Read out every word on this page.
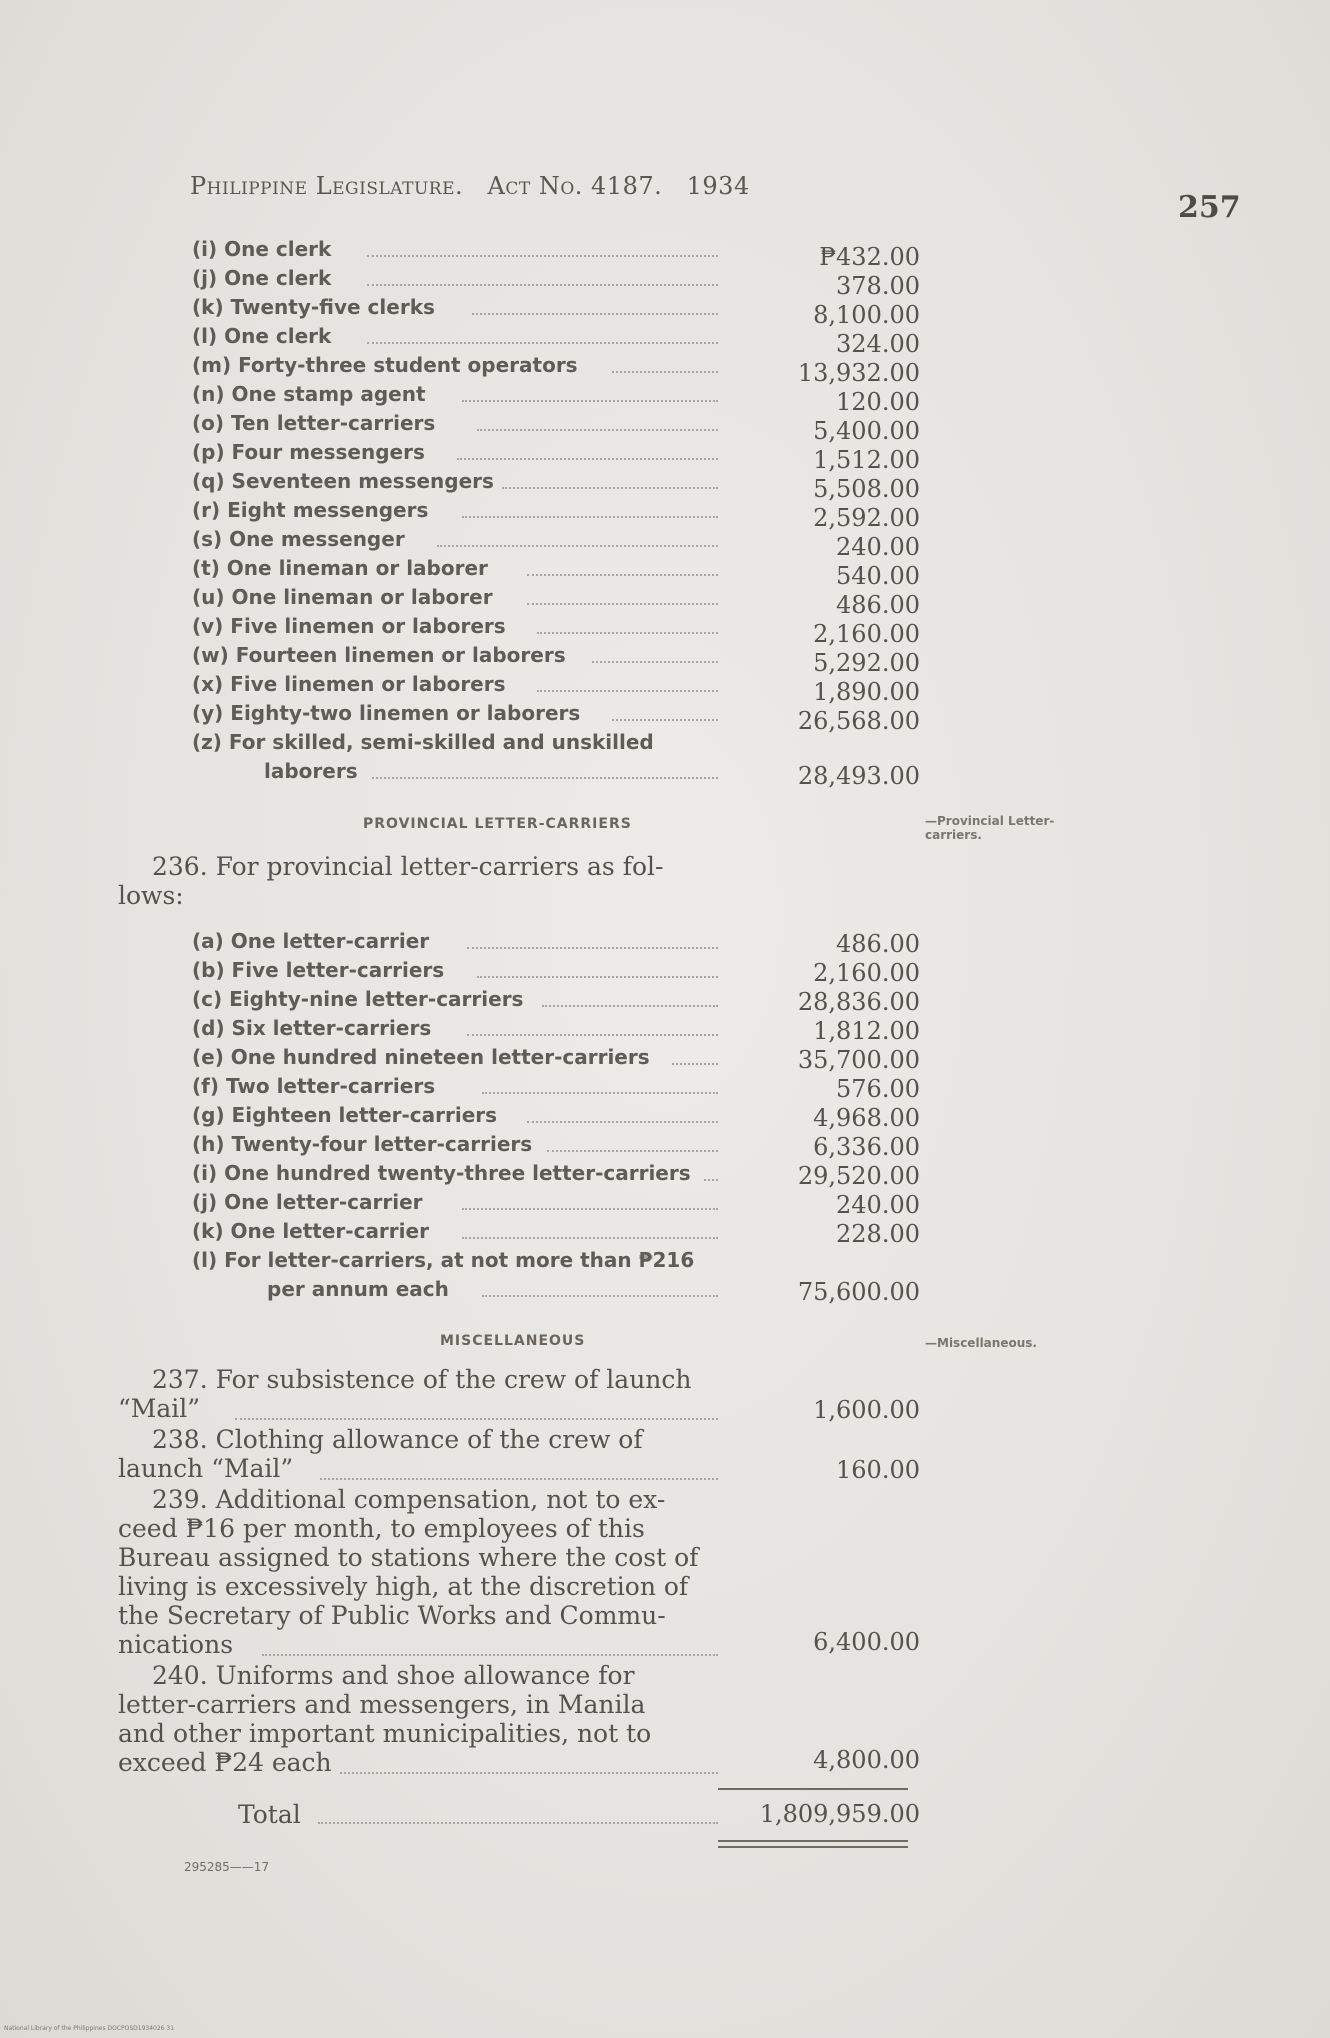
Philippine Legislature. Act No. 4187. 1934
257
(i) One clerk	₱432.00
(j) One clerk	378.00
(k) Twenty-five clerks	8,100.00
(l) One clerk	324.00
(m) Forty-three student operators	13,932.00
(n) One stamp agent	120.00
(o) Ten letter-carriers	5,400.00
(p) Four messengers	1,512.00
(q) Seventeen messengers	5,508.00
(r) Eight messengers	2,592.00
(s) One messenger	240.00
(t) One lineman or laborer	540.00
(u) One lineman or laborer	486.00
(v) Five linemen or laborers	2,160.00
(w) Fourteen linemen or laborers	5,292.00
(x) Five linemen or laborers	1,890.00
(y) Eighty-two linemen or laborers	26,568.00
(z) For skilled, semi-skilled and unskilled
laborers	28,493.00
PROVINCIAL LETTER-CARRIERS	—Provincial Letter-
carriers.
236. For provincial letter-carriers as fol-
lows:
(a) One letter-carrier	486.00
(b) Five letter-carriers	2,160.00
(c) Eighty-nine letter-carriers	28,836.00
(d) Six letter-carriers	1,812.00
(e) One hundred nineteen letter-carriers	35,700.00
(f) Two letter-carriers	576.00
(g) Eighteen letter-carriers	4,968.00
(h) Twenty-four letter-carriers	6,336.00
(i) One hundred twenty-three letter-carriers	29,520.00
(j) One letter-carrier	240.00
(k) One letter-carrier	228.00
(l) For letter-carriers, at not more than ₱216
per annum each	75,600.00
MISCELLANEOUS	—Miscellaneous.
237. For subsistence of the crew of launch
“Mail”	1,600.00
238. Clothing allowance of the crew of
launch “Mail”	160.00
239. Additional compensation, not to ex-
ceed ₱16 per month, to employees of this
Bureau assigned to stations where the cost of
living is excessively high, at the discretion of
the Secretary of Public Works and Commu-
nications	6,400.00
240. Uniforms and shoe allowance for
letter-carriers and messengers, in Manila
and other important municipalities, not to
exceed ₱24 each	4,800.00
Total	1,809,959.00
295285——17
National Library of the Philippines DOCPOSD1934026 31
